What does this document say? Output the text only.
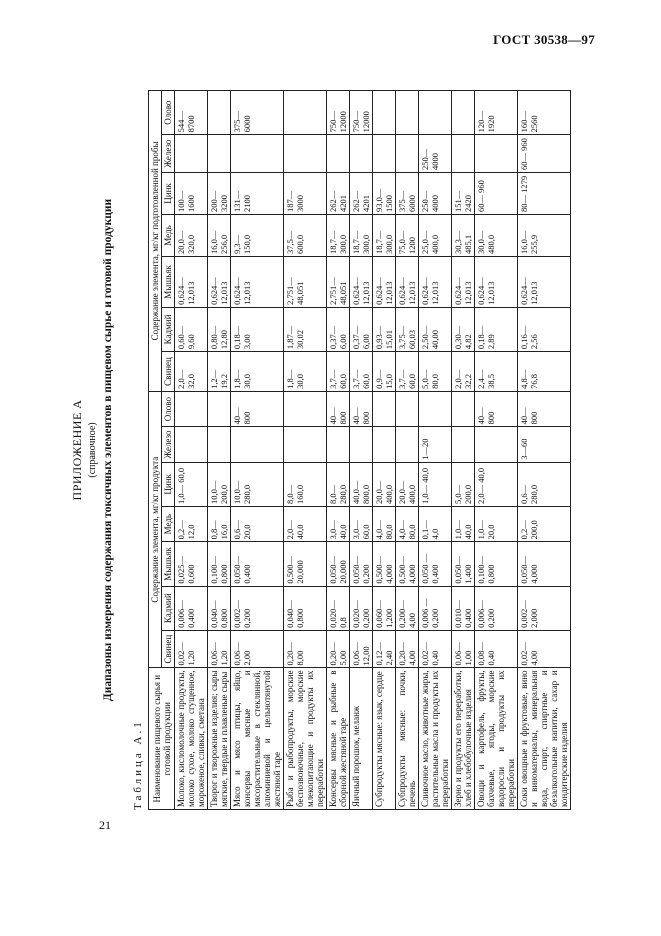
ГОСТ 30538—97

ПРИЛОЖЕНИЕ А (справочное) Диапазоны измерения содержания токсичных элементов в пищевом сырье и готовой продукции

Таблица А.1 Наименование пищевого сырья и готовой продукции	Содержание элемента, мг/кг продукта							Содержание элемента, мг/кг подготовленной пробы						
	Свинец	Кадмий	Мышьяк	Медь	Цинк	Железо	Олово	Свинец	Кадмий	Мышьяк	Медь	Цинк	Железо	Олово
Молоко, кисломолочные продукты, молоко сухое, молоко сгущенное, мороженое, сливки, сметана	0,02— 1,20	0,006— 0,400	0,025— 0,600	0,2— 12,0	1,0— 60,0			2,0— 32,0	0,60— 9,60	0,624— 12,013	20,0— 320,0	100— 1600		544— 8700
Творог и творожные изделия; сыры мягкие, твердые и плавленые сыры	0,06— 1,20	0,040— 0,800	0,100— 0,800	0,8— 16,0	10,0— 200,0			1,2— 19,2	0,80— 12,80	0,624— 12,013	16,0— 256,0	200— 3200		
Мясо и мясо птицы, яйцо, консервы мясные и мясорастительные в стеклянной, алюминиевой и цельнотянутой жестяной таре	0,06— 2,00	0,002— 0,200	0,050— 0,400	0,6— 20,0	10,0— 280,0		40— 800	1,8— 30,0	0,18— 3,00	0,624— 12,013	9,3— 150,0	131— 2100		375— 6000
Рыба и рыбопродукты, морские беспозвоночные, морские млекопитающие и продукты их переработки	0,20— 8,00	0,040— 0,800	0,500— 20,000	2,0— 40,0	8,0— 160,0			1,8— 30,0	1,87— 30,02	2,751— 48,051	37,5— 600,0	187— 3000		
Консервы мясные и рыбные в сборной жестяной таре	0,20— 5,00	0,020— 0,8	0,050— 20,000	3,0— 40,0	8,0— 280,0		40— 800	3,7— 60,0	0,37— 6,00	2,751— 48,051	18,7— 300,0	262— 4201		750— 12000
Яичный порошок, меланж	0,06— 12,00	0,020— 0,200	0,050— 0,200	3,0— 60,0	40,0— 800,0		40— 800	3,7— 60,0	0,37— 6,00	0,624— 12,013	18,7— 300,0	262— 4201		750— 12000
Субпродукты мясные: язык, сердце	0,12— 2,40	0,060— 1,200	0,500— 4,000	4,0— 80,0	20,0— 400,0			0,9— 15,0	0,93— 15,01	0,624— 12,013	18,7— 300,0	93,0— 1500		
Субпродукты мясные: почки, печень	0,20— 4,00	0,200— 4,00	0,500— 4,000	4,0— 80,0	20,0— 400,0			3,7— 60,0	3,75— 60,03	0,624— 12,013	75,0— 1200	375— 6000		
Сливочное масло, животные жиры, растительные масла и продукты их переработки	0,02— 0,40	0,006 —0,200	0,050 —0,400	0,1— 4,0	1,0— 40,0	1—20		5,0— 80,0	2,50— 40,00	0,624— 12,013	25,0— 400,0	250— 4000	250— 4000	
Зерно и продукты его переработки, хлеб и хлебобулочные изделия	0,06— 1,00	0,010— 0,400	0,050— 1,400	1,0— 40,0	5,0— 200,0			2,0— 32,2	0,30— 4,82	0,624— 12,013	30,3— 485,1	151— 2420		
Овощи и картофель, фрукты, бахчевые, ягоды, морские водоросли и продукты их переработки	0,08— 0,40	0,006— 0,200	0,100— 0,800	1,0— 20,0	2,0— 40,0		40— 800	2,4— 38,5	0,18— 2,89	0,624— 12,013	30,0— 480,0	60— 960		120— 1920
Соки овощные и фруктовые, вино и виноматериалы, минеральная вода, спирт, спиртные и безалкогольные напитки, сахар и кондитерские изделия	0,02— 4,00	0,002— 2,000	0,050— 4,000	0,2— 200,0	0,6— 280,0	3—60	40— 800	4,8— 76,8	0,16— 2,56	0,624— 12,013	16,0— 255,9	80— 1279	60— 960	160— 2560
21
